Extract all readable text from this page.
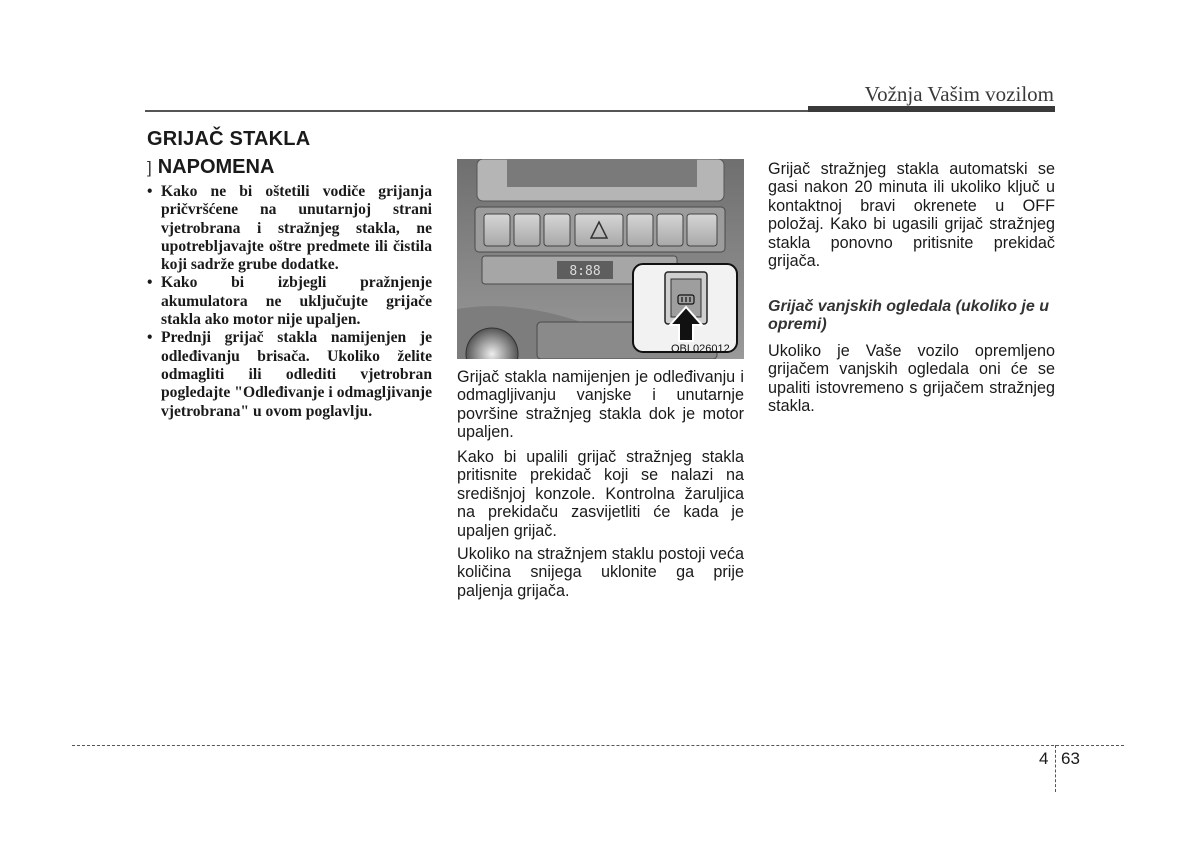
Vožnja Vašim vozilom
GRIJAČ STAKLA
] NAPOMENA
• Kako ne bi oštetili vodiče grijanja pričvršćene na unutarnjoj strani vjetrobrana i stražnjeg stakla, ne upotrebljavajte oštre predmete ili čistila koji sadrže grube dodatke.
• Kako bi izbjegli pražnjenje akumulatora ne uključujte grijače stakla ako motor nije upaljen.
• Prednji grijač stakla namijenjen je odleđivanju brisača. Ukoliko želite odmagliti ili odlediti vjetrobran pogledajte "Odleđivanje i odmagljivanje vjetrobrana" u ovom poglavlju.
8:88
OBL026012

Grijač stakla namijenjen je odleđivanju i odmagljivanju vanjske i unutarnje površine stražnjeg stakla dok je motor upaljen.

Kako bi upalili grijač stražnjeg stakla pritisnite prekidač koji se nalazi na središnjoj konzole. Kontrolna žarulјica na prekidaču zasvijetliti će kada je upaljen grijač.

Ukoliko na stražnjem staklu postoji veća količina snijega uklonite ga prije paljenja grijača.

Grijač stražnjeg stakla automatski se gasi nakon 20 minuta ili ukoliko ključ u kontaktnoj bravi okrenete u OFF položaj. Kako bi ugasili grijač stražnjeg stakla ponovno pritisnite prekidač grijača.

Grijač vanjskih ogledala (ukoliko je u opremi)

Ukoliko je Vaše vozilo opremljeno grijačem vanjskih ogledala oni će se upaliti istovremeno s grijačem stražnjeg stakla.

4 63
